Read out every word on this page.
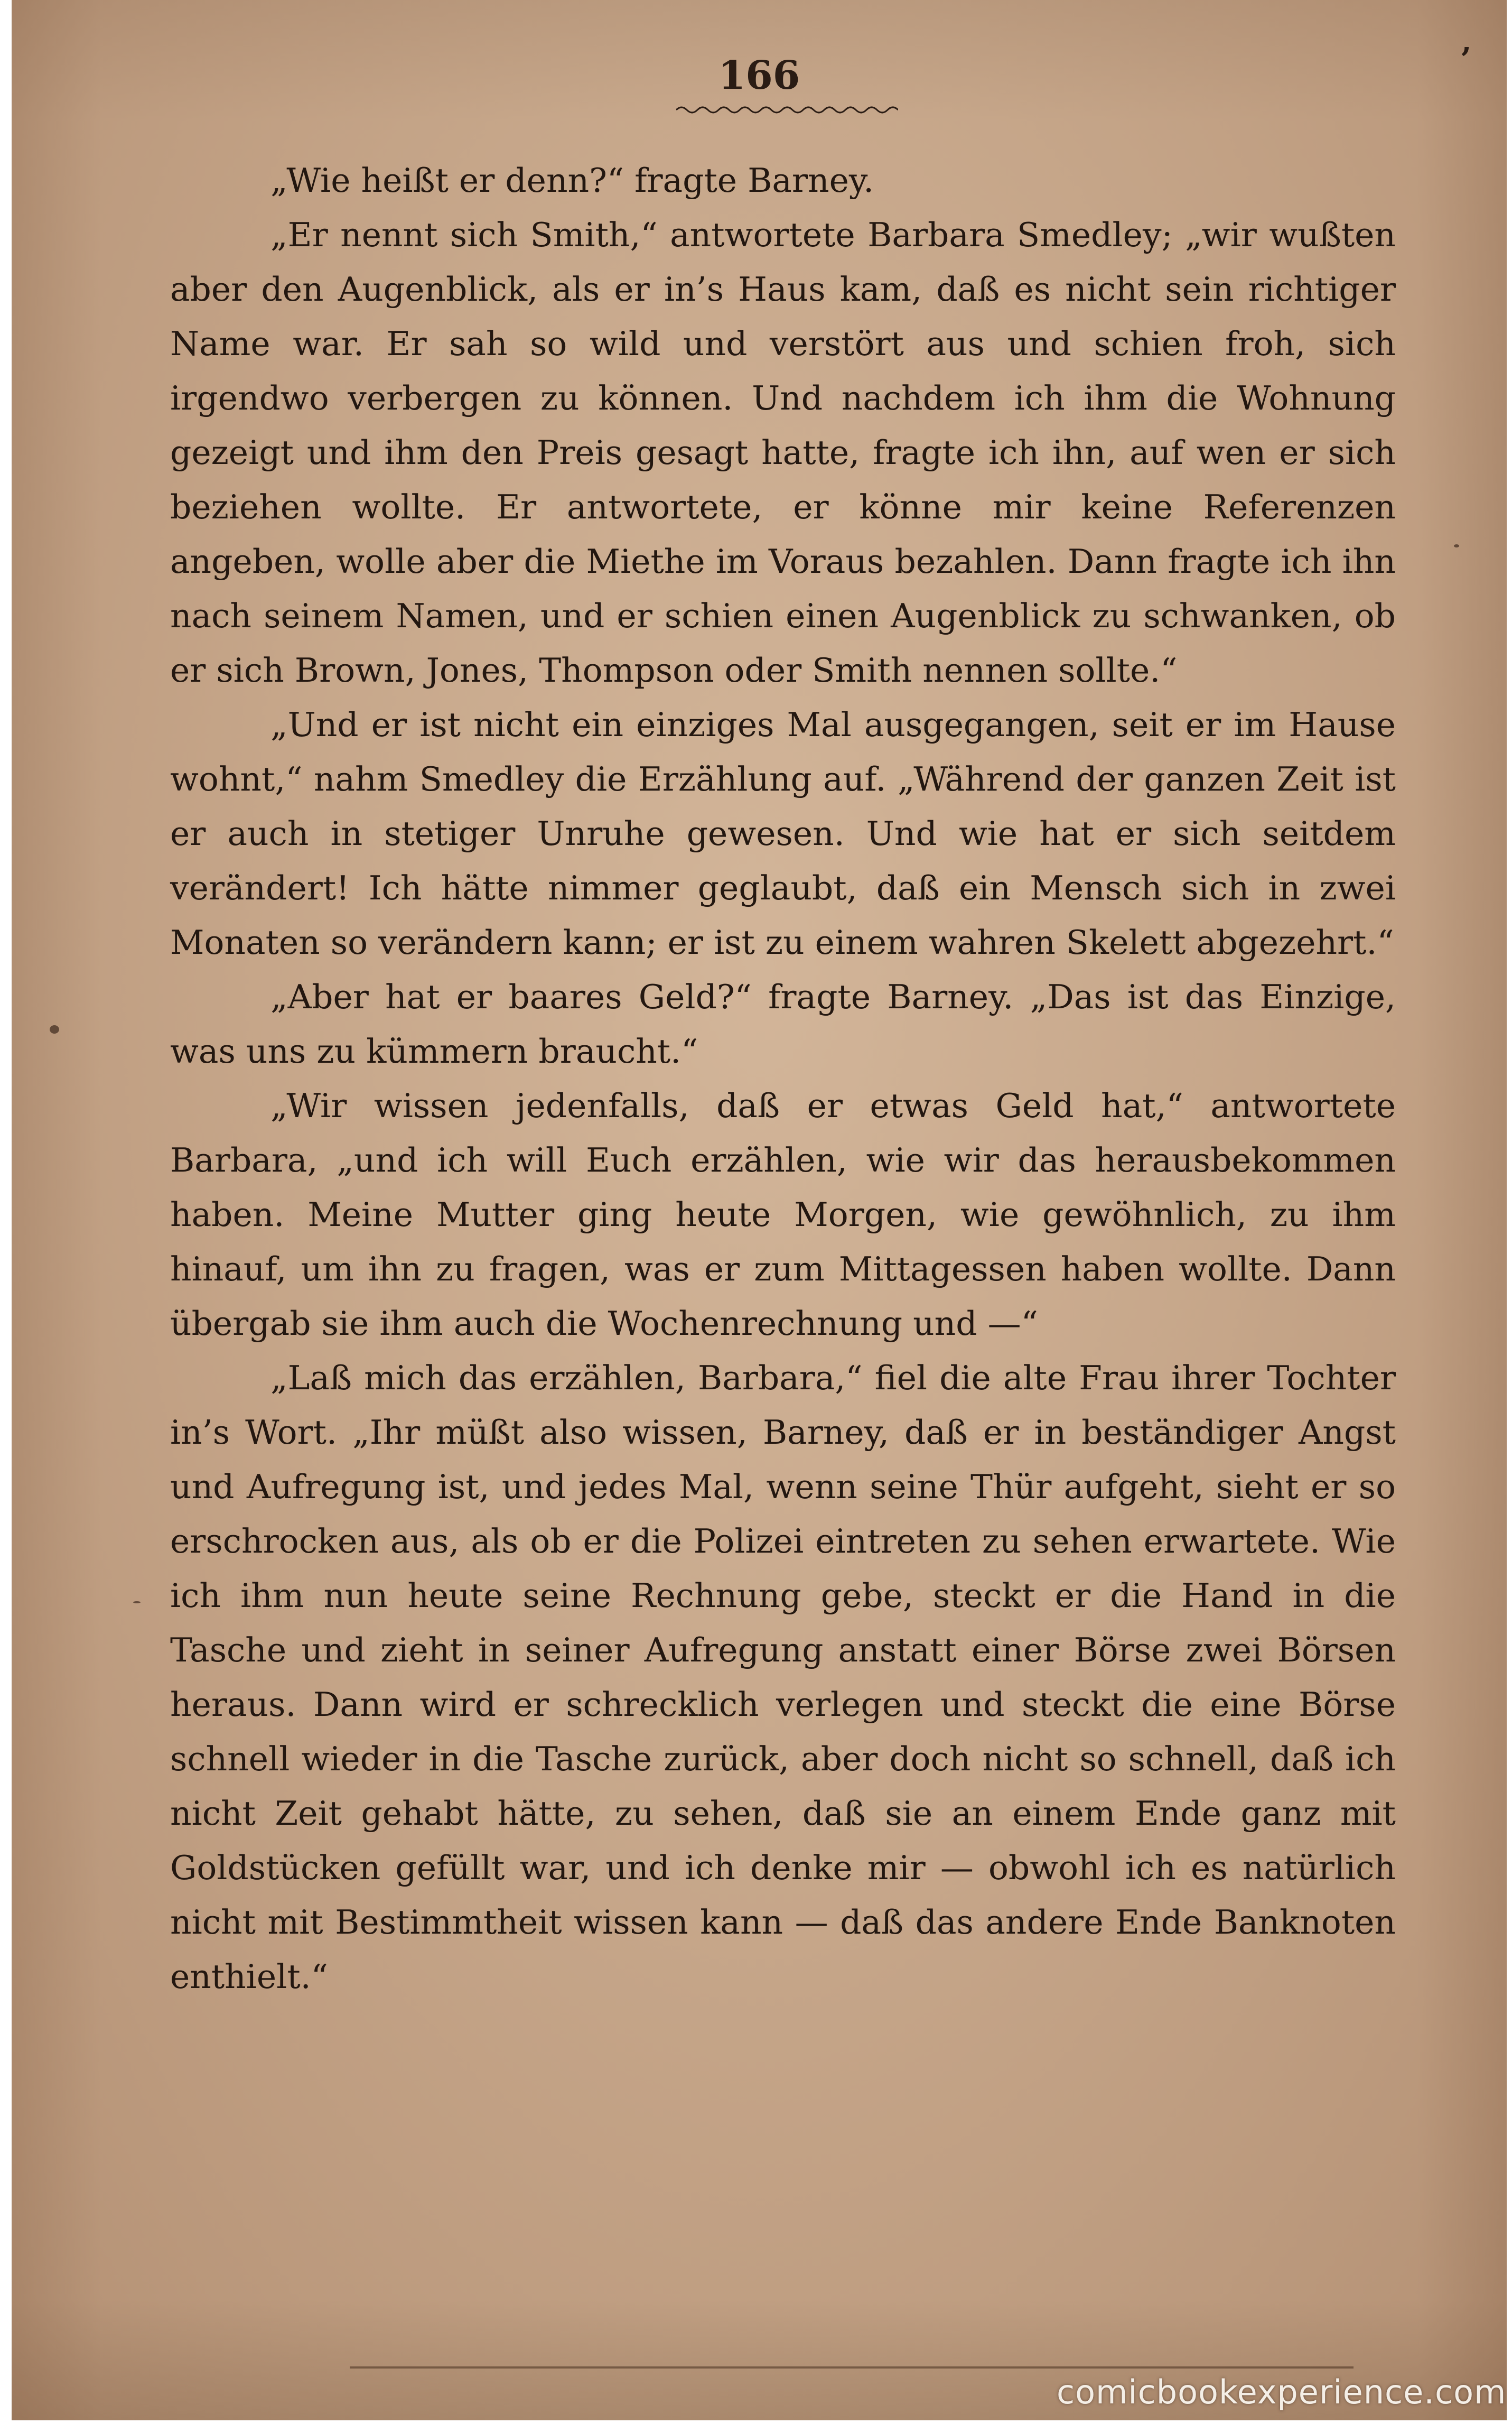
166	’

„Wie heißt er denn?“ fragte Barney.

„Er nennt sich Smith,“ antwortete Barbara Smedley; „wir wußten aber den Augenblick, als er in’s Haus kam, daß es nicht sein richtiger Name war. Er sah so wild und verstört aus und schien froh, sich irgendwo verbergen zu können. Und nachdem ich ihm die Wohnung gezeigt und ihm den Preis gesagt hatte, fragte ich ihn, auf wen er sich beziehen wollte. Er antwortete, er könne mir keine Referenzen angeben, wolle aber die Miethe im Voraus bezahlen. Dann fragte ich ihn nach seinem Namen, und er schien einen Augenblick zu schwanken, ob er sich Brown, Jones, Thompson oder Smith nennen sollte.“

„Und er ist nicht ein einziges Mal ausgegangen, seit er im Hause wohnt,“ nahm Smedley die Erzählung auf. „Während der ganzen Zeit ist er auch in stetiger Unruhe gewesen. Und wie hat er sich seitdem verändert! Ich hätte nimmer geglaubt, daß ein Mensch sich in zwei Monaten so verändern kann; er ist zu einem wahren Skelett abgezehrt.“

„Aber hat er baares Geld?“ fragte Barney. „Das ist das Einzige, was uns zu kümmern braucht.“

„Wir wissen jedenfalls, daß er etwas Geld hat,“ antwortete Barbara, „und ich will Euch erzählen, wie wir das herausbekommen haben. Meine Mutter ging heute Morgen, wie gewöhnlich, zu ihm hinauf, um ihn zu fragen, was er zum Mittagessen haben wollte. Dann übergab sie ihm auch die Wochenrechnung und —“

„Laß mich das erzählen, Barbara,“ fiel die alte Frau ihrer Tochter in’s Wort. „Ihr müßt also wissen, Barney, daß er in beständiger Angst und Aufregung ist, und jedes Mal, wenn seine Thür aufgeht, sieht er so erschrocken aus, als ob er die Polizei eintreten zu sehen erwartete. Wie ich ihm nun heute seine Rechnung gebe, steckt er die Hand in die Tasche und zieht in seiner Aufregung anstatt einer Börse zwei Börsen heraus. Dann wird er schrecklich verlegen und steckt die eine Börse schnell wieder in die Tasche zurück, aber doch nicht so schnell, daß ich nicht Zeit gehabt hätte, zu sehen, daß sie an einem Ende ganz mit Goldstücken gefüllt war, und ich denke mir — obwohl ich es natürlich nicht mit Bestimmtheit wissen kann — daß das andere Ende Banknoten enthielt.“

comicbookexperience.com
